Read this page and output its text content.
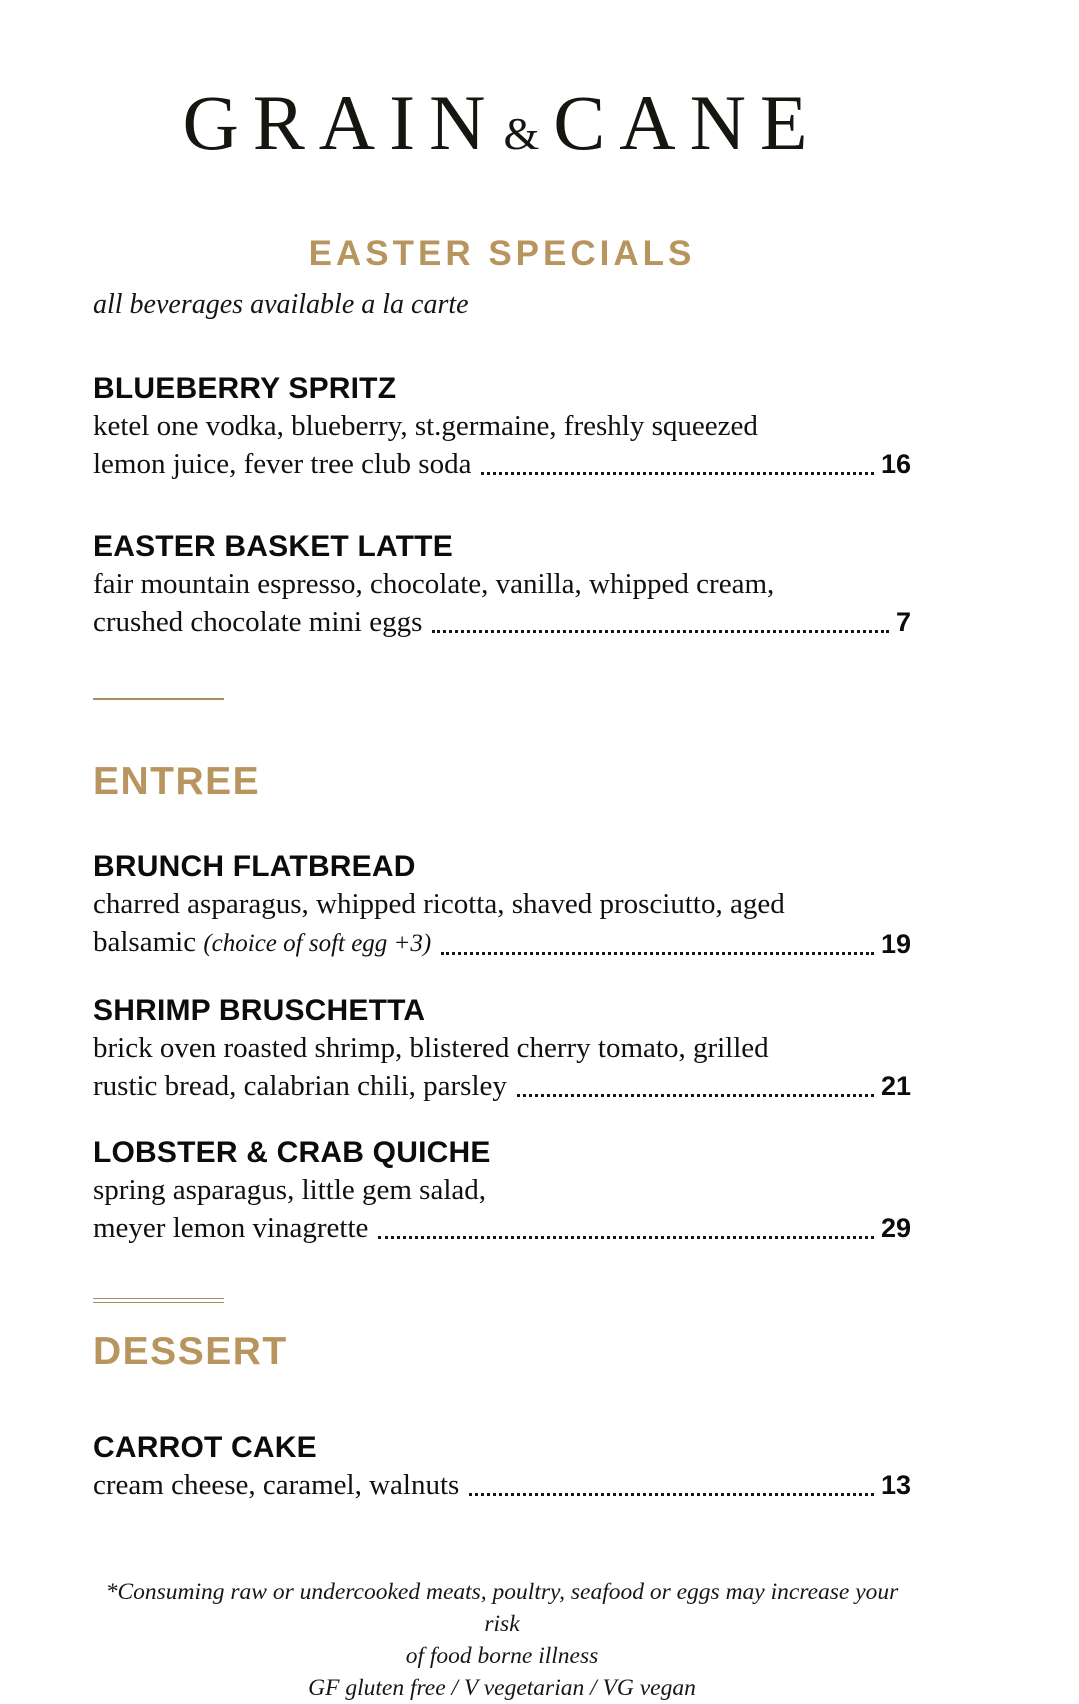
GRAIN& CANE
EASTER SPECIALS
all beverages available a la carte
BLUEBERRY SPRITZ
ketel one vodka, blueberry, st.germaine, freshly squeezed
lemon juice, fever tree club soda	16
EASTER BASKET LATTE
fair mountain espresso, chocolate, vanilla, whipped cream,
crushed chocolate mini eggs	7
ENTREE
BRUNCH FLATBREAD
charred asparagus, whipped ricotta, shaved prosciutto, aged
balsamic (choice of soft egg +3)	19
SHRIMP BRUSCHETTA
brick oven roasted shrimp, blistered cherry tomato, grilled
rustic bread, calabrian chili, parsley	21
LOBSTER & CRAB QUICHE
spring asparagus, little gem salad,
meyer lemon vinagrette	29
DESSERT
CARROT CAKE
cream cheese, caramel, walnuts	13
*Consuming raw or undercooked meats, poultry, seafood or eggs may increase your risk
of food borne illness
GF gluten free / V vegetarian / VG vegan
